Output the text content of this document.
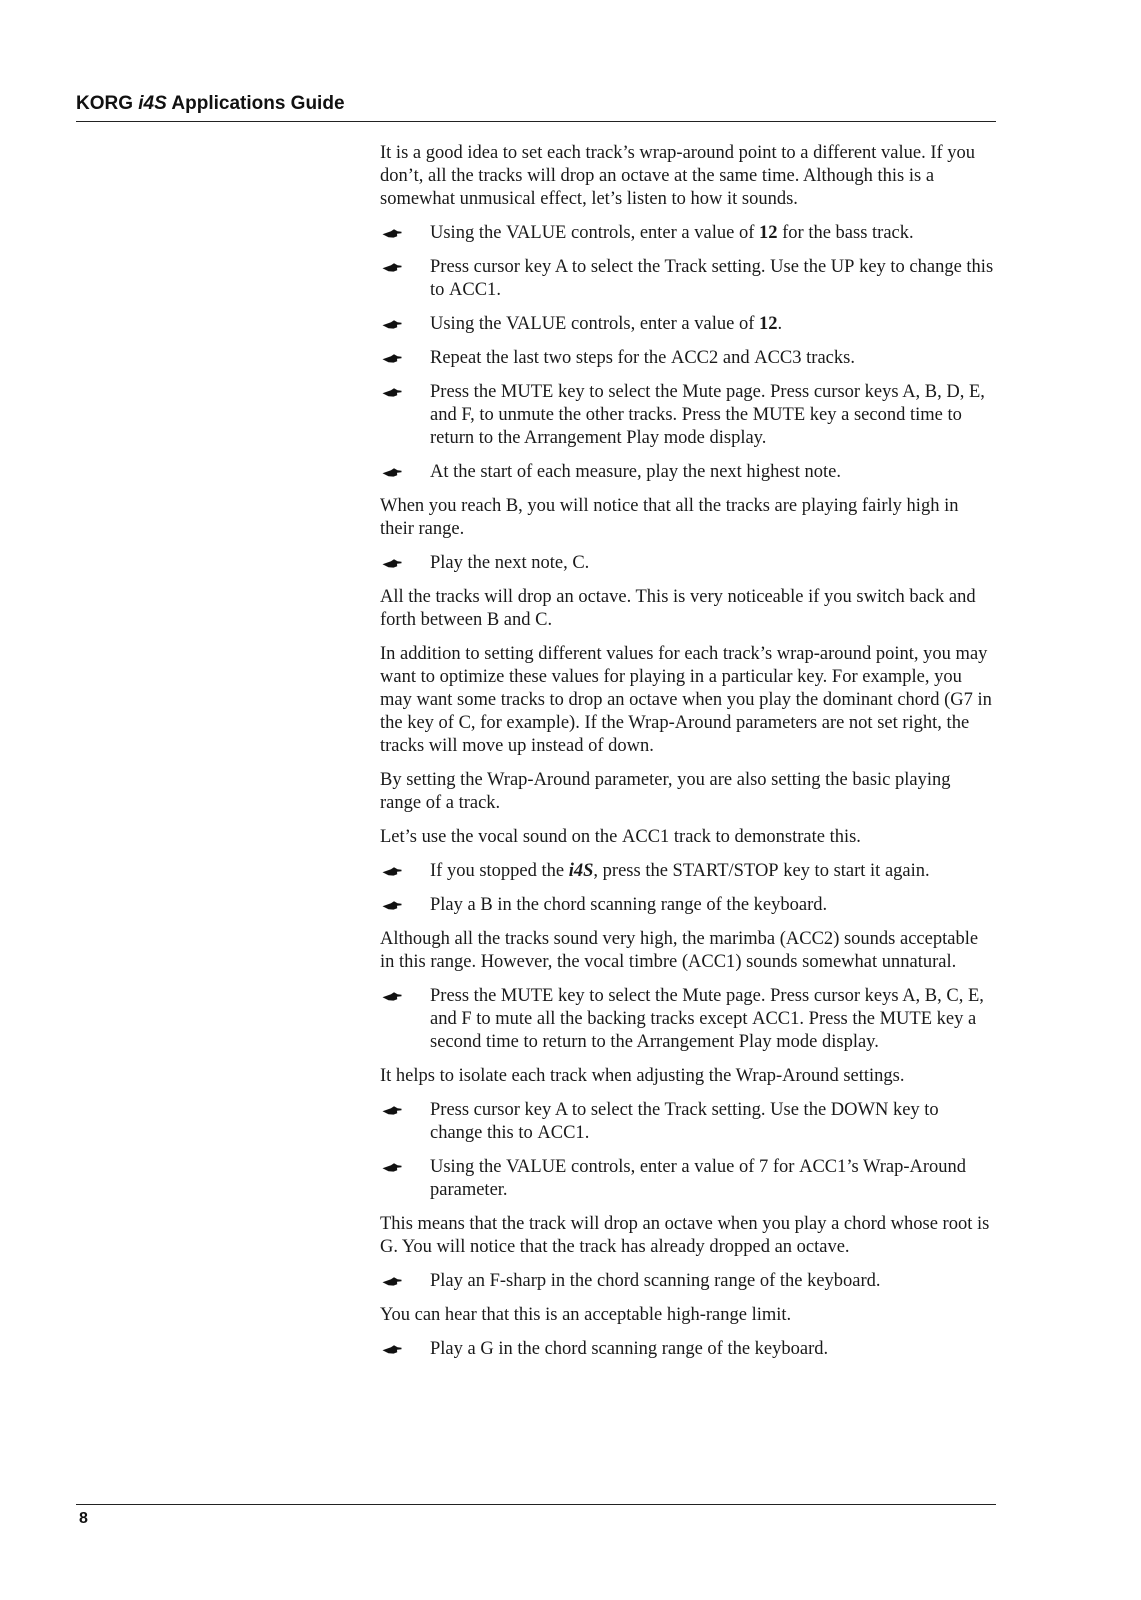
KORG i4S Applications Guide

It is a good idea to set each track’s wrap-around point to a different value. If you don’t, all the tracks will drop an octave at the same time. Although this is a somewhat unmusical effect, let’s listen to how it sounds.

Using the VALUE controls, enter a value of 12 for the bass track.
Press cursor key A to select the Track setting. Use the UP key to change this to ACC1.
Using the VALUE controls, enter a value of 12.
Repeat the last two steps for the ACC2 and ACC3 tracks.
Press the MUTE key to select the Mute page. Press cursor keys A, B, D, E, and F, to unmute the other tracks. Press the MUTE key a second time to return to the Arrangement Play mode display.
At the start of each measure, play the next highest note.

When you reach B, you will notice that all the tracks are playing fairly high in their range.

Play the next note, C.

All the tracks will drop an octave. This is very noticeable if you switch back and forth between B and C.

In addition to setting different values for each track’s wrap-around point, you may want to optimize these values for playing in a particular key. For example, you may want some tracks to drop an octave when you play the dominant chord (G7 in the key of C, for example). If the Wrap-Around parameters are not set right, the tracks will move up instead of down.

By setting the Wrap-Around parameter, you are also setting the basic playing range of a track.

Let’s use the vocal sound on the ACC1 track to demonstrate this.

If you stopped the i4S, press the START/STOP key to start it again.
Play a B in the chord scanning range of the keyboard.

Although all the tracks sound very high, the marimba (ACC2) sounds acceptable in this range. However, the vocal timbre (ACC1) sounds somewhat unnatural.

Press the MUTE key to select the Mute page. Press cursor keys A, B, C, E, and F to mute all the backing tracks except ACC1. Press the MUTE key a second time to return to the Arrangement Play mode display.

It helps to isolate each track when adjusting the Wrap-Around settings.

Press cursor key A to select the Track setting. Use the DOWN key to change this to ACC1.
Using the VALUE controls, enter a value of 7 for ACC1’s Wrap-Around parameter.

This means that the track will drop an octave when you play a chord whose root is G. You will notice that the track has already dropped an octave.

Play an F-sharp in the chord scanning range of the keyboard.

You can hear that this is an acceptable high-range limit.

Play a G in the chord scanning range of the keyboard.
8
